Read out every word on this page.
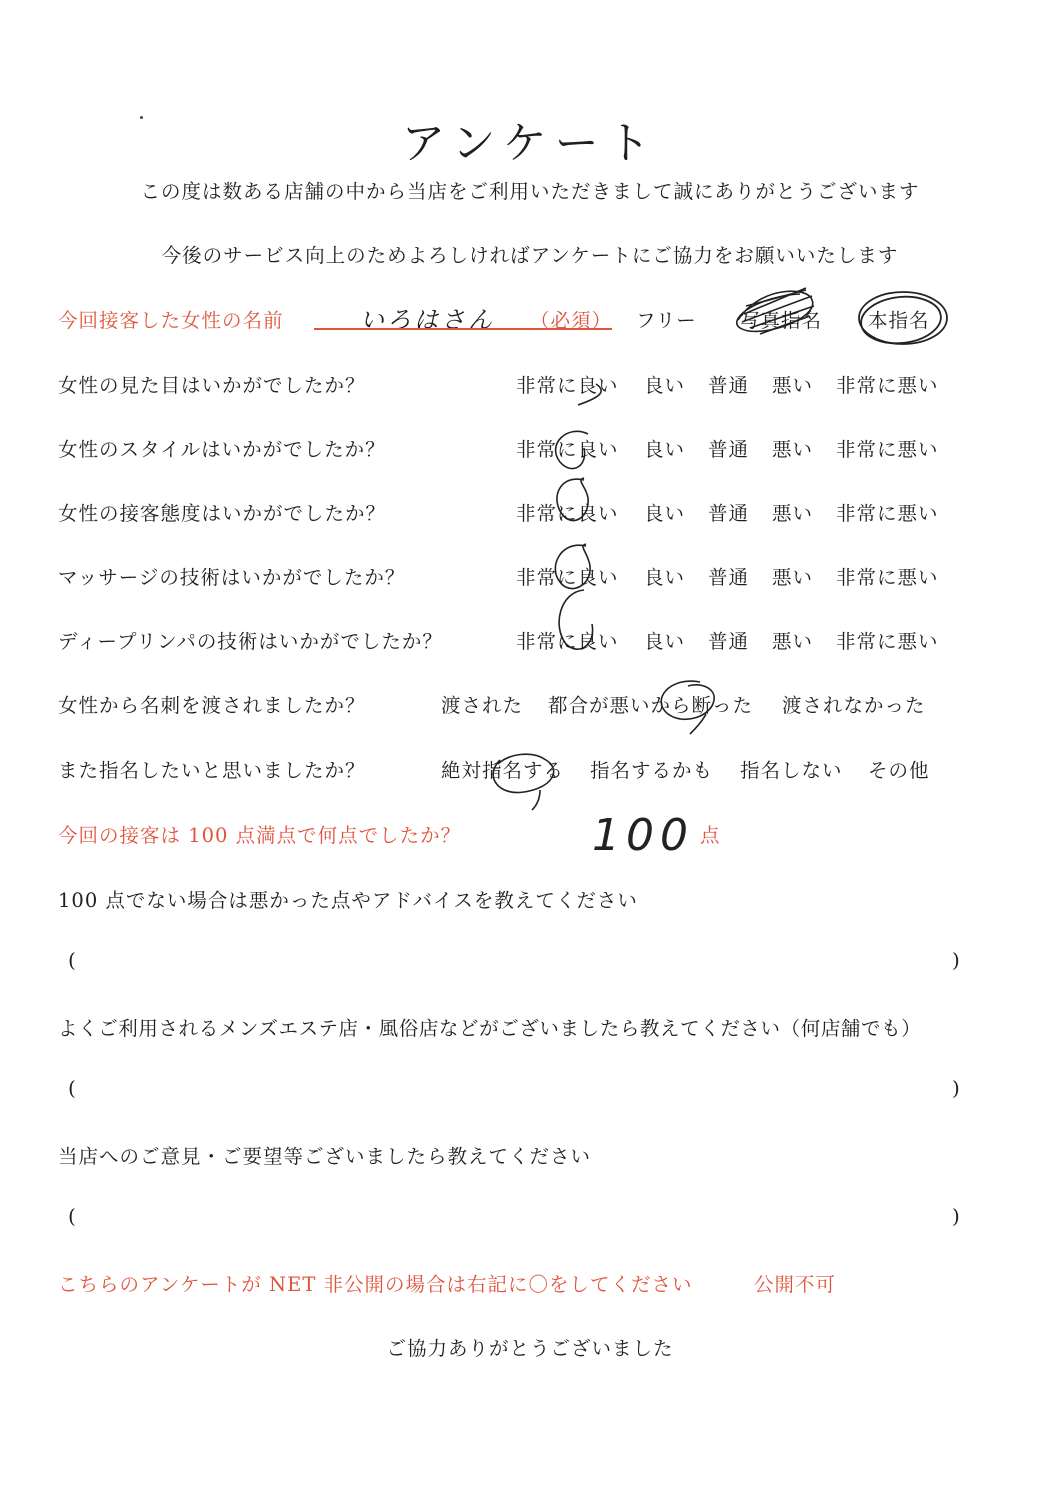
アンケート
この度は数ある店舗の中から当店をご利用いただきまして誠にありがとうございます
今後のサービス向上のためよろしければアンケートにご協力をお願いいたします
今回接客した女性の名前	いろはさん （必須） フリー 写真指名 本指名
女性の見た目はいかがでしたか？	非常に良い 良い 普通 悪い 非常に悪い
女性のスタイルはいかがでしたか？	非常に良い 良い 普通 悪い 非常に悪い
女性の接客態度はいかがでしたか？	非常に良い 良い 普通 悪い 非常に悪い
マッサージの技術はいかがでしたか？	非常に良い 良い 普通 悪い 非常に悪い
ディープリンパの技術はいかがでしたか？	非常に良い 良い 普通 悪い 非常に悪い
女性から名刺を渡されましたか？	渡された 都合が悪いから断った 渡されなかった
また指名したいと思いましたか？	絶対指名する 指名するかも 指名しない その他
今回の接客は 100 点満点で何点でしたか？	100 点
100 点でない場合は悪かった点やアドバイスを教えてください
(	)
よくご利用されるメンズエステ店・風俗店などがございましたら教えてください（何店舗でも）
(	)
当店へのご意見・ご要望等ございましたら教えてください
(	)
こちらのアンケートが NET 非公開の場合は右記に〇をしてください	公開不可
ご協力ありがとうございました
